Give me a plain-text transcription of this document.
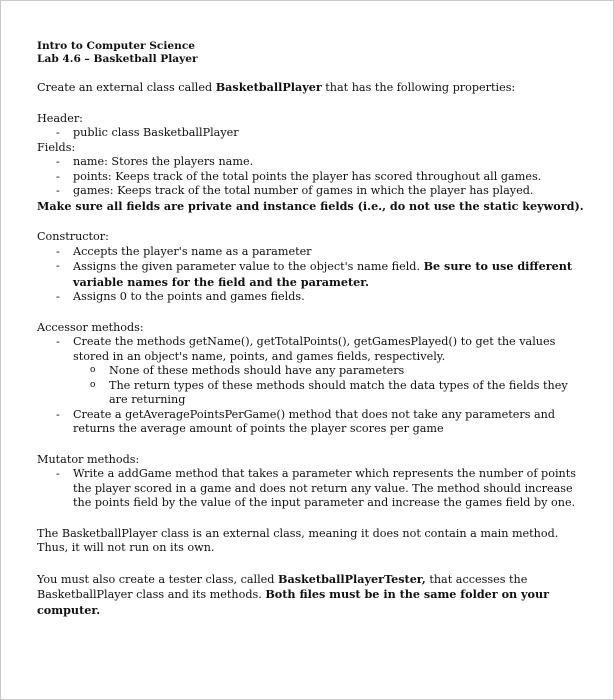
Intro to Computer Science
Lab 4.6 – Basketball Player

Create an external class called BasketballPlayer that has the following properties:

Header:

- public class BasketballPlayer

Fields:

- name: Stores the players name.
- points: Keeps track of the total points the player has scored throughout all games.
- games: Keeps track of the total number of games in which the player has played.

Make sure all fields are private and instance fields (i.e., do not use the static keyword).

Constructor:

- Accepts the player's name as a parameter
- Assigns the given parameter value to the object's name field. Be sure to use different variable names for the field and the parameter.
- Assigns 0 to the points and games fields.

Accessor methods:

- Create the methods getName(), getTotalPoints(), getGamesPlayed() to get the values stored in an object's name, points, and games fields, respectively.
o None of these methods should have any parameters
o The return types of these methods should match the data types of the fields they are returning
- Create a getAveragePointsPerGame() method that does not take any parameters and returns the average amount of points the player scores per game

Mutator methods:

- Write a addGame method that takes a parameter which represents the number of points the player scored in a game and does not return any value. The method should increase the points field by the value of the input parameter and increase the games field by one.

The BasketballPlayer class is an external class, meaning it does not contain a main method. Thus, it will not run on its own.

You must also create a tester class, called BasketballPlayerTester, that accesses the BasketballPlayer class and its methods. Both files must be in the same folder on your computer.
